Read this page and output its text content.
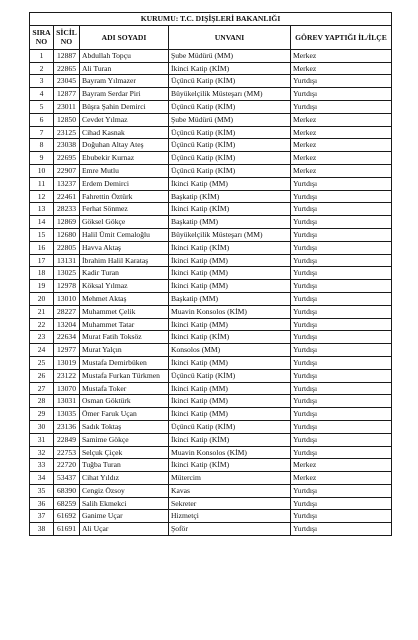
KURUMU: T.C. DIŞİŞLERİ BAKANLIĞI				
SIRA NO	SİCİL NO	ADI SOYADI	UNVANI	GÖREV YAPTIĞI İL/İLÇE
1	12887	Abdullah Topçu	Şube Müdürü (MM)	Merkez
2	22865	Ali Turan	İkinci Katip (KİM)	Merkez
3	23045	Bayram Yılmazer	Üçüncü Katip (KİM)	Yurtdışı
4	12877	Bayram Serdar Piri	Büyükelçilik Müsteşarı (MM)	Yurtdışı
5	23011	Büşra Şahin Demirci	Üçüncü Katip (KİM)	Yurtdışı
6	12850	Cevdet Yılmaz	Şube Müdürü (MM)	Merkez
7	23125	Cihad Kasnak	Üçüncü Katip (KİM)	Merkez
8	23038	Doğuhan Altay Ateş	Üçüncü Katip (KİM)	Merkez
9	22695	Ebubekir Kurnaz	Üçüncü Katip (KİM)	Merkez
10	22907	Emre Mutlu	Üçüncü Katip (KİM)	Merkez
11	13237	Erdem Demirci	İkinci Katip (MM)	Yurtdışı
12	22461	Fahrettin Öztürk	Başkatip (KİM)	Yurtdışı
13	28233	Ferhat Sönmez	İkinci Katip (KİM)	Yurtdışı
14	12869	Göksel Gökçe	Başkatip (MM)	Yurtdışı
15	12680	Halil Ümit Cemaloğlu	Büyükelçilik Müsteşarı (MM)	Yurtdışı
16	22805	Havva Aktaş	İkinci Katip (KİM)	Yurtdışı
17	13131	İbrahim Halil Karataş	İkinci Katip (MM)	Yurtdışı
18	13025	Kadir Turan	İkinci Katip (MM)	Yurtdışı
19	12978	Köksal Yılmaz	İkinci Katip (MM)	Yurtdışı
20	13010	Mehmet Aktaş	Başkatip (MM)	Yurtdışı
21	28227	Muhammet Çelik	Muavin Konsolos (KİM)	Yurtdışı
22	13204	Muhammet Tatar	İkinci Katip (MM)	Yurtdışı
23	22634	Murat Fatih Toksöz	İkinci Katip (KİM)	Yurtdışı
24	12977	Murat Yalçın	Konsolos (MM)	Yurtdışı
25	13019	Mustafa Demirbüken	İkinci Katip (MM)	Yurtdışı
26	23122	Mustafa Furkan Türkmen	Üçüncü Katip (KİM)	Yurtdışı
27	13070	Mustafa Toker	İkinci Katip (MM)	Yurtdışı
28	13031	Osman Göktürk	İkinci Katip (MM)	Yurtdışı
29	13035	Ömer Faruk Uçan	İkinci Katip (MM)	Yurtdışı
30	23136	Sadık Toktaş	Üçüncü Katip (KİM)	Yurtdışı
31	22849	Samime Gökçe	İkinci Katip (KİM)	Yurtdışı
32	22753	Selçuk Çiçek	Muavin Konsolos (KİM)	Yurtdışı
33	22720	Tuğba Turan	İkinci Katip (KİM)	Merkez
34	53437	Cihat Yıldız	Mütercim	Merkez
35	68390	Cengiz Özsoy	Kavas	Yurtdışı
36	68259	Salih Ekmekci	Sekreter	Yurtdışı
37	61692	Ganime Uçar	Hizmetçi	Yurtdışı
38	61691	Ali Uçar	Şoför	Yurtdışı
